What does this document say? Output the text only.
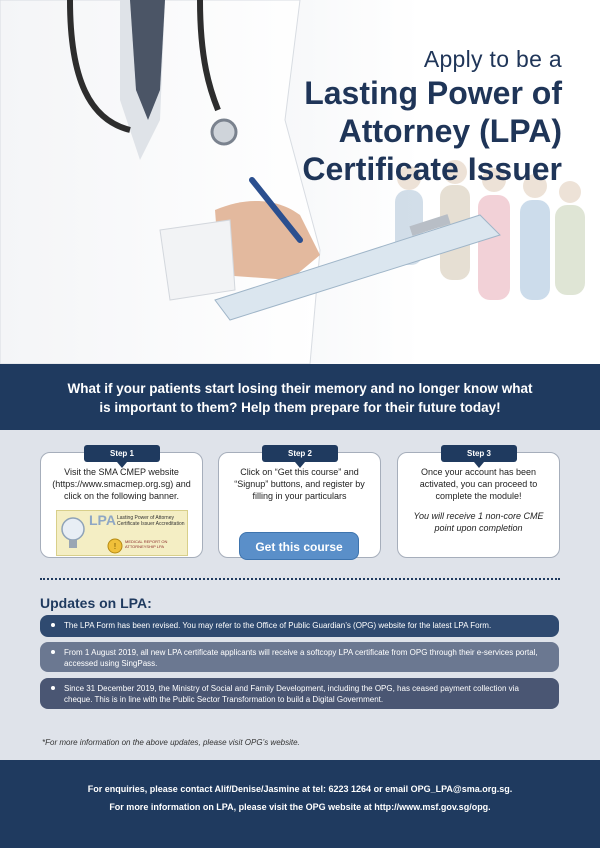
Apply to be a
Lasting Power of Attorney (LPA) Certificate Issuer
What if your patients start losing their memory and no longer know what is important to them? Help them prepare for their future today!
Step 1
Visit the SMA CMEP website (https://www.smacmep.org.sg) and click on the following banner.
!
LPA Lasting Power of Attorney Certificate Issuer Accreditation
MEDICAL REPORT ON ATTORNEYSHIP LPA
Step 2
Click on “Get this course” and “Signup” buttons, and register by filling in your particulars
Get this course
Step 3
Once your account has been activated, you can proceed to complete the module!
You will receive 1 non-core CME point upon completion
Updates on LPA:
The LPA Form has been revised. You may refer to the Office of Public Guardian’s (OPG) website for the latest LPA Form.
From 1 August 2019, all new LPA certificate applicants will receive a softcopy LPA certificate from OPG through their e-services portal, accessed using SingPass.
Since 31 December 2019, the Ministry of Social and Family Development, including the OPG, has ceased payment collection via cheque. This is in line with the Public Sector Transformation to build a Digital Government.
*For more information on the above updates, please visit OPG’s website.
For enquiries, please contact Alif/Denise/Jasmine at tel: 6223 1264 or email OPG_LPA@sma.org.sg.
For more information on LPA, please visit the OPG website at http://www.msf.gov.sg/opg.
